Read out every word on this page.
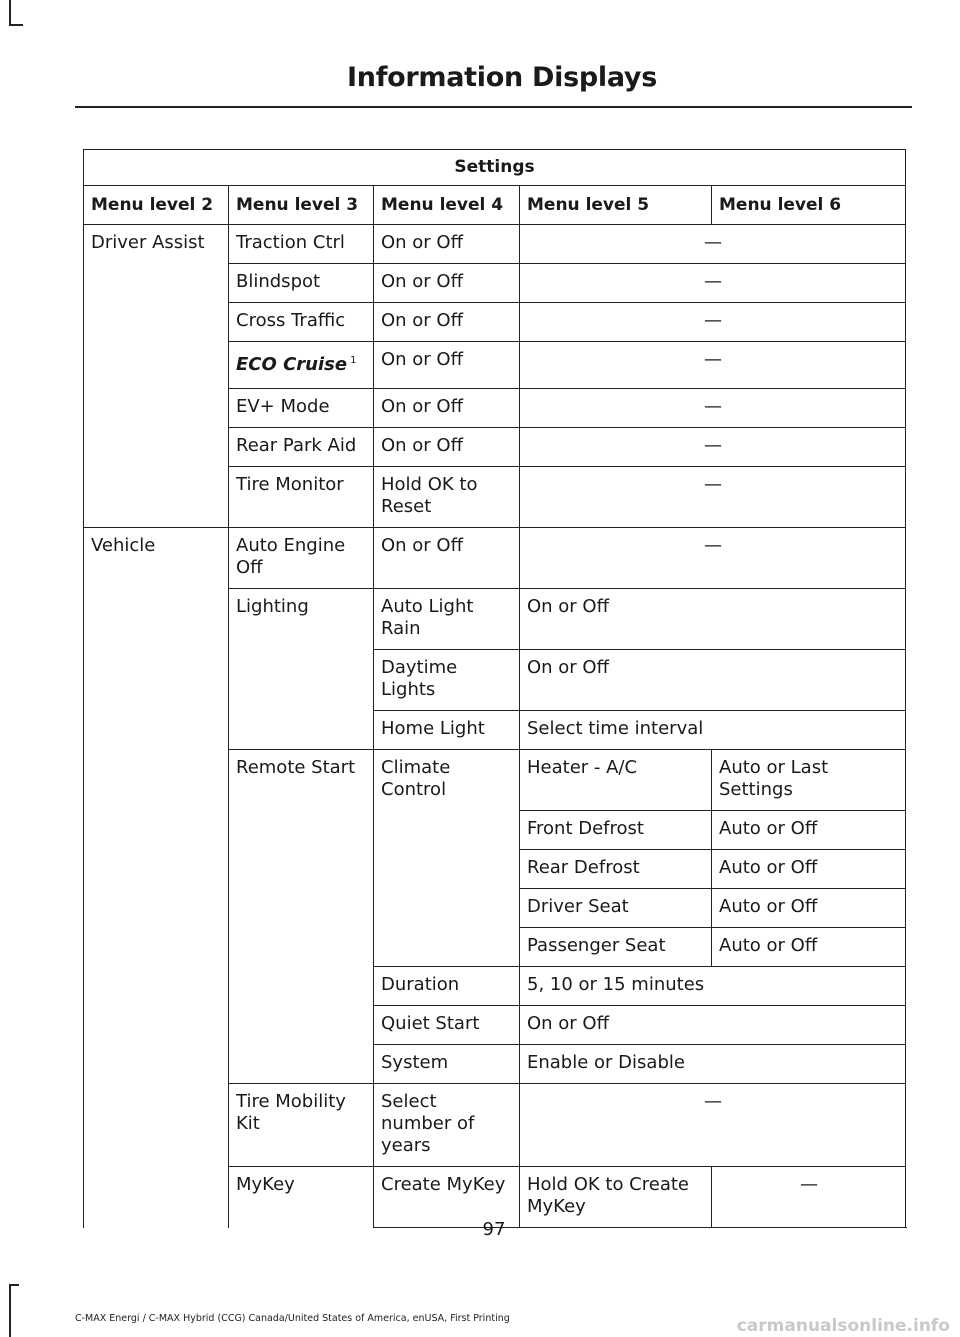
Information Displays
Settings				
Menu level 2	Menu level 3	Menu level 4	Menu level 5	Menu level 6
Driver Assist	Traction Ctrl	On or Off	—	
	Blindspot	On or Off	—	
	Cross Traffic	On or Off	—	
	ECO Cruise $^1$	On or Off	—	
	EV+ Mode	On or Off	—	
	Rear Park Aid	On or Off	—	
	Tire Monitor	Hold OK to Reset	—	
Vehicle	Auto Engine Off	On or Off	—	
	Lighting	Auto Light Rain	On or Off	
		Daytime Lights	On or Off	
		Home Light	Select time interval	
	Remote Start	Climate Control	Heater - A/C	Auto or Last Settings
			Front Defrost	Auto or Off
			Rear Defrost	Auto or Off
			Driver Seat	Auto or Off
			Passenger Seat	Auto or Off
		Duration	5, 10 or 15 minutes	
		Quiet Start	On or Off	
		System	Enable or Disable	
	Tire Mobility Kit	Select number of years	—	
	MyKey	Create MyKey	Hold OK to Create MyKey	—
97
C-MAX Energi / C-MAX Hybrid (CCG) Canada/United States of America, enUSA, First Printing	carmanualsonline.info
